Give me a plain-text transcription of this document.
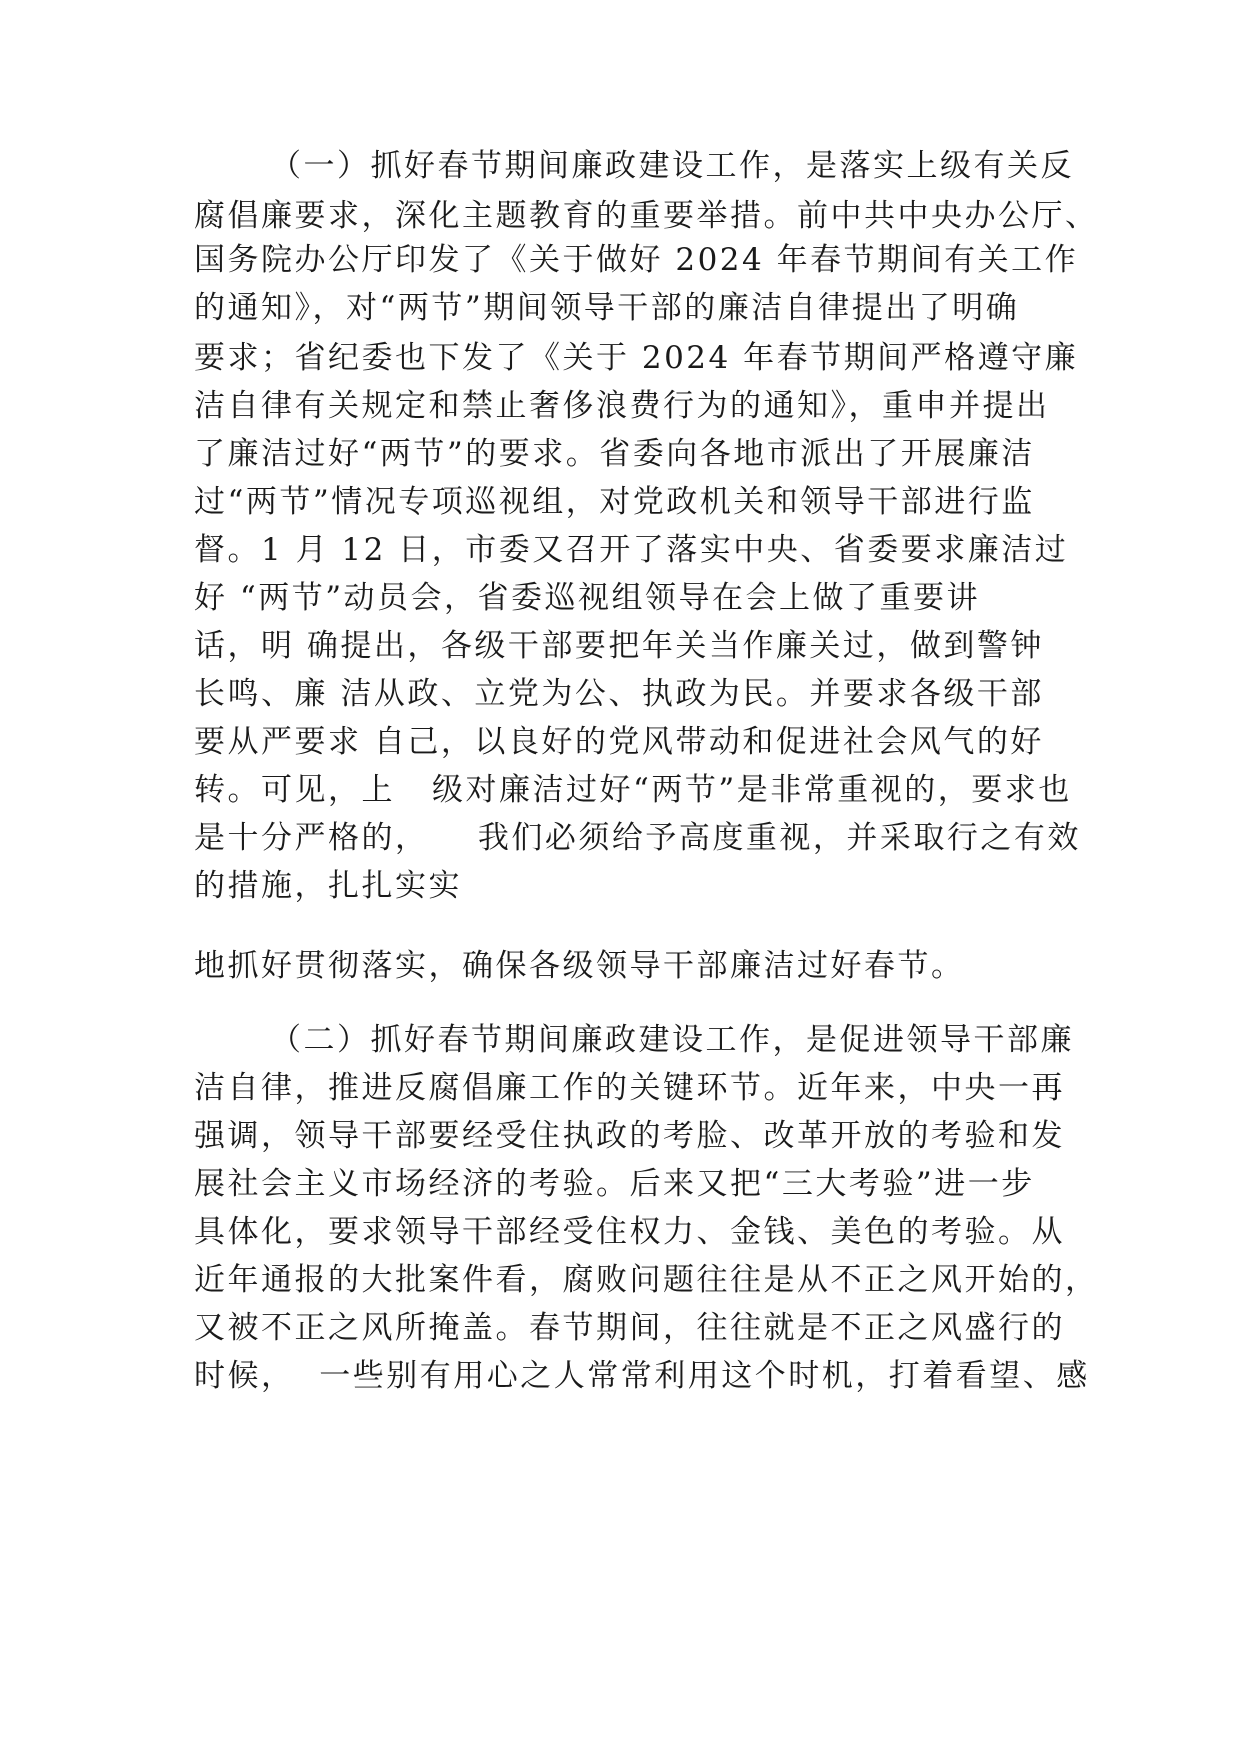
（一）抓好春节期间廉政建设工作，是落实上级有关反
腐倡廉要求，深化主题教育的重要举措。前中共中央办公厅、
国务院办公厅印发了《关于做好 2024 年春节期间有关工作
的通知》，对“两节”期间领导干部的廉洁自律提出了明确
要求；省纪委也下发了《关于 2024 年春节期间严格遵守廉
洁自律有关规定和禁止奢侈浪费行为的通知》，重申并提出
了廉洁过好“两节”的要求。省委向各地市派出了开展廉洁
过“两节”情况专项巡视组，对党政机关和领导干部进行监
督。1 月 12 日，市委又召开了落实中央、省委要求廉洁过
好 “两节”动员会，省委巡视组领导在会上做了重要讲
话，明 确提出，各级干部要把年关当作廉关过，做到警钟
长鸣、廉 洁从政、立党为公、执政为民。并要求各级干部
要从严要求 自己，以良好的党风带动和促进社会风气的好
转。可见，上   级对廉洁过好“两节”是非常重视的，要求也
是十分严格的，    我们必须给予高度重视，并采取行之有效
的措施，扎扎实实
地抓好贯彻落实，确保各级领导干部廉洁过好春节。
（二）抓好春节期间廉政建设工作，是促进领导干部廉
洁自律，推进反腐倡廉工作的关键环节。近年来，中央一再
强调，领导干部要经受住执政的考脸、改革开放的考验和发
展社会主义市场经济的考验。后来又把“三大考验”进一步
具体化，要求领导干部经受住权力、金钱、美色的考验。从
近年通报的大批案件看，腐败问题往往是从不正之风开始的，
又被不正之风所掩盖。春节期间，往往就是不正之风盛行的
时候，  一些别有用心之人常常利用这个时机，打着看望、感
